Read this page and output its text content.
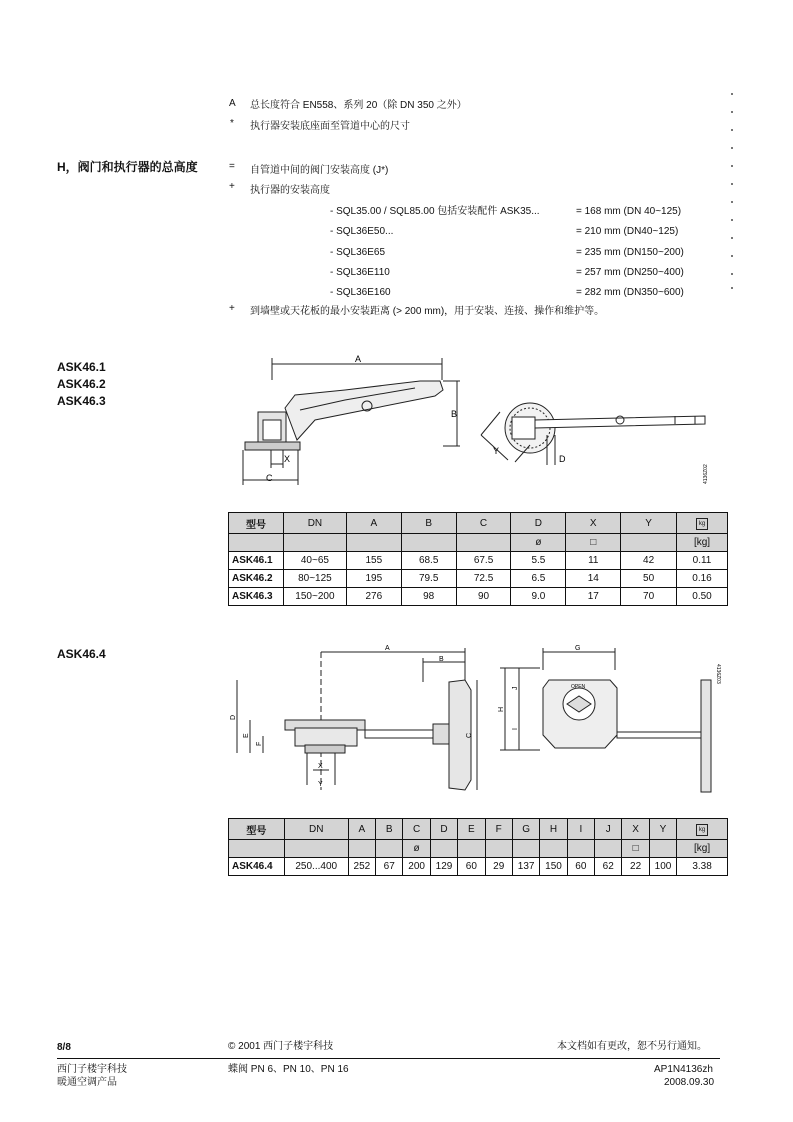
A 总长度符合 EN558、系列 20（除 DN 350 之外）
* 执行器安装底座面至管道中心的尺寸
H，阀门和执行器的总高度	= 自管道中间的阀门安装高度 (J*)
+ 执行器的安装高度
- SQL35.00 / SQL85.00 包括安装配件 ASK35...	= 168 mm (DN 40~125)
- SQL36E50...	= 210 mm (DN40~125)
- SQL36E65	= 235 mm (DN150~200)
- SQL36E110	= 257 mm (DN250~400)
- SQL36E160	= 282 mm (DN350~600)
+ 到墙壁或天花板的最小安装距离 (> 200 mm)，用于安装、连接、操作和维护等。
ASK46.1
ASK46.2
ASK46.3
A
B
C
X
Y
D
4136Z02
型号	DN	A	B	C	D	X	Y	kg
					ø	□		[kg]
ASK46.1	40~65	155	68.5	67.5	5.5	11	42	0.11
ASK46.2	80~125	195	79.5	72.5	6.5	14	50	0.16
ASK46.3	150~200	276	98	90	9.0	17	70	0.50
ASK46.4	A
B
C
D
E
F
X
Y
G
H
I
J	OPEN
4136Z03
型号	DN	A	B	C	D	E	F	G	H	I	J	X	Y	kg
				ø								□		[kg]
ASK46.4	250...400	252	67	200	129	60	29	137	150	60	62	22	100	3.38
8/8	© 2001 西门子楼宇科技	本文档如有更改，恕不另行通知。
西门子楼宇科技
暖通空调产品
蝶阀 PN 6、PN 10、PN 16	AP1N4136zh
2008.09.30
